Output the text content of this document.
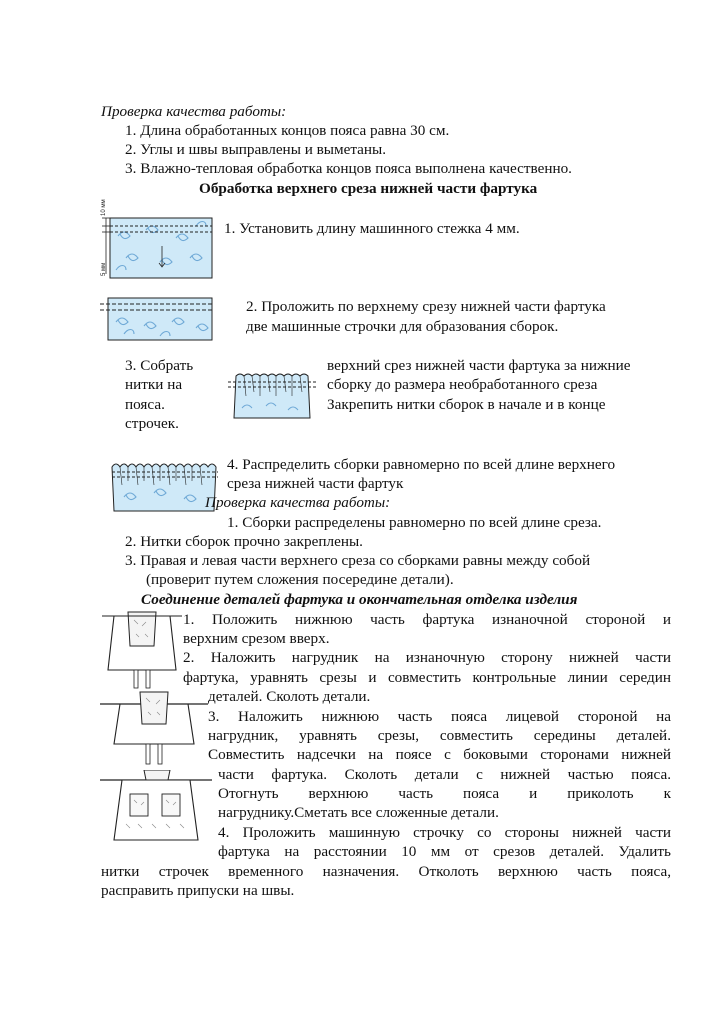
Проверка качества работы:
1. Длина обработанных концов пояса равна 30 см.
2. Углы и швы выправлены и выметаны.
3. Влажно-тепловая обработка концов пояса выполнена качественно.
Обработка верхнего среза нижней части фартука
10 мм
5 мм
1. Установить длину машинного стежка 4 мм.
2. Проложить по верхнему срезу нижней части фартука
две машинные строчки для образования сборок.
3. Собрать
нитки на
пояса.
строчек.
верхний срез нижней части фартука за нижние
сборку до размера необработанного среза
Закрепить нитки сборок в начале и в конце
4. Распределить сборки равномерно по всей длине верхнего
среза нижней части фартук
Проверка качества работы:
1. Сборки распределены равномерно по всей длине среза.
2. Нитки сборок прочно закреплены.
3. Правая и левая части верхнего среза со сборками равны между собой
(проверит путем сложения посередине детали).
Соединение деталей фартука и окончательная отделка изделия
1. Положить нижнюю часть фартука изнаночной стороной и
верхним срезом вверх.
2. Наложить нагрудник на изнаночную сторону нижней части
фартука, уравнять срезы и совместить контрольные линии середин
деталей. Сколоть детали.
3. Наложить нижнюю часть пояса лицевой стороной на
нагрудник, уравнять срезы, совместить середины деталей.
Совместить надсечки на поясе с боковыми сторонами нижней
части фартука. Сколоть детали с нижней частью пояса.
Отогнуть верхнюю часть пояса и приколоть к
нагруднику.Сметать все сложенные детали.
4. Проложить машинную строчку со стороны нижней части
фартука на расстоянии 10 мм от срезов деталей. Удалить
нитки строчек временного назначения. Отколоть верхнюю часть пояса,
расправить припуски на швы.
